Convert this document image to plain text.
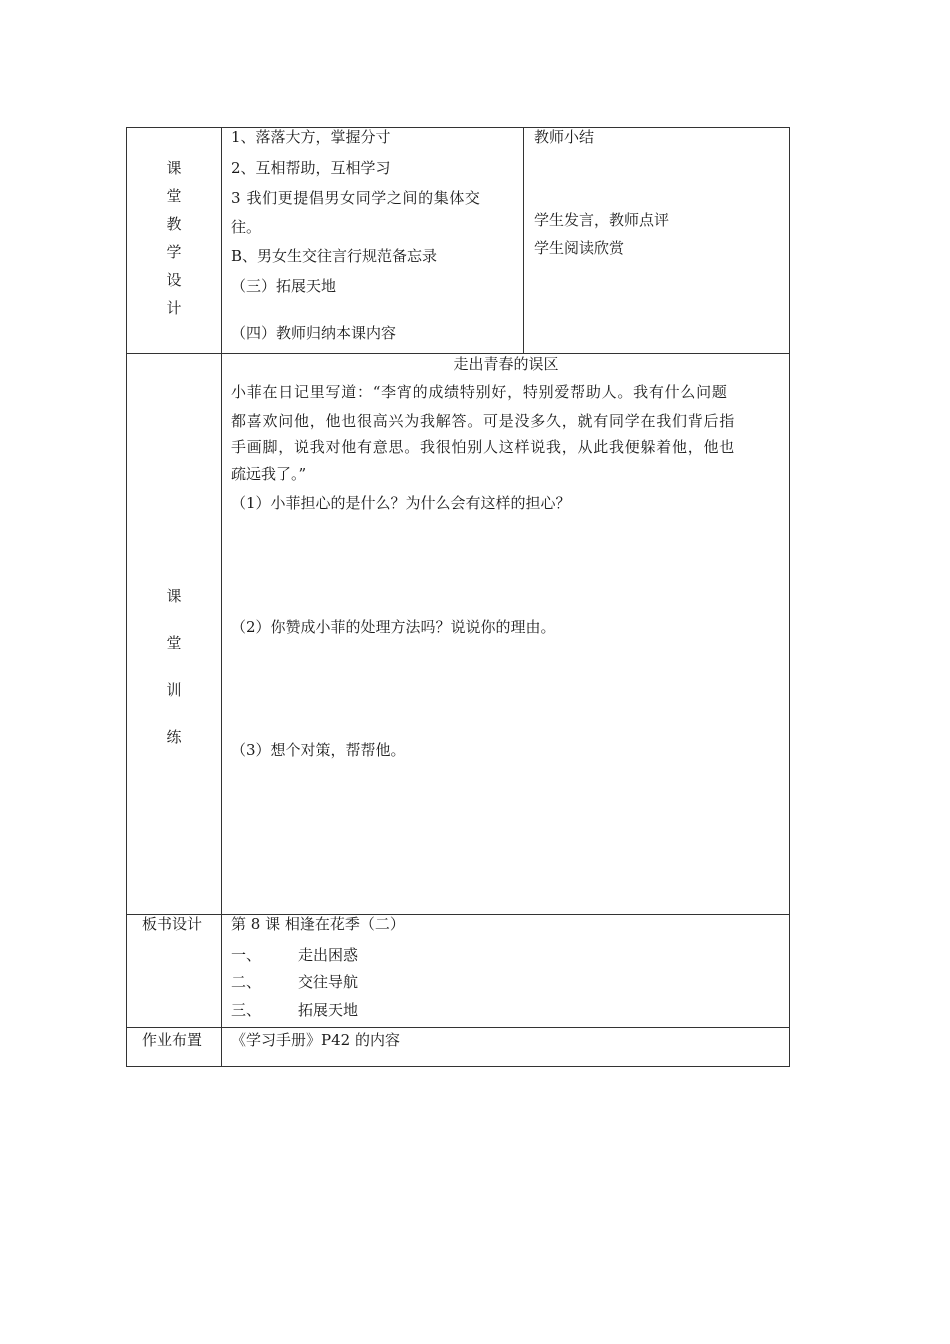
课
堂
教
学
设
计
1、落落大方，掌握分寸
2、互相帮助，互相学习
3 我们更提倡男女同学之间的集体交
往。
B、男女生交往言行规范备忘录
（三）拓展天地
（四）教师归纳本课内容
教师小结
学生发言，教师点评
学生阅读欣赏
课
堂
训
练
走出青春的误区
小菲在日记里写道：“李宵的成绩特别好，特别爱帮助人。我有什么问题
都喜欢问他，他也很高兴为我解答。可是没多久，就有同学在我们背后指
手画脚，说我对他有意思。我很怕别人这样说我，从此我便躲着他，他也
疏远我了。”
（1）小菲担心的是什么？为什么会有这样的担心？
（2）你赞成小菲的处理方法吗？说说你的理由。
（3）想个对策，帮帮他。
板书设计 第 8 课 相逢在花季（二）
一、 走出困惑
二、 交往导航
三、 拓展天地
作业布置 《学习手册》P42 的内容
